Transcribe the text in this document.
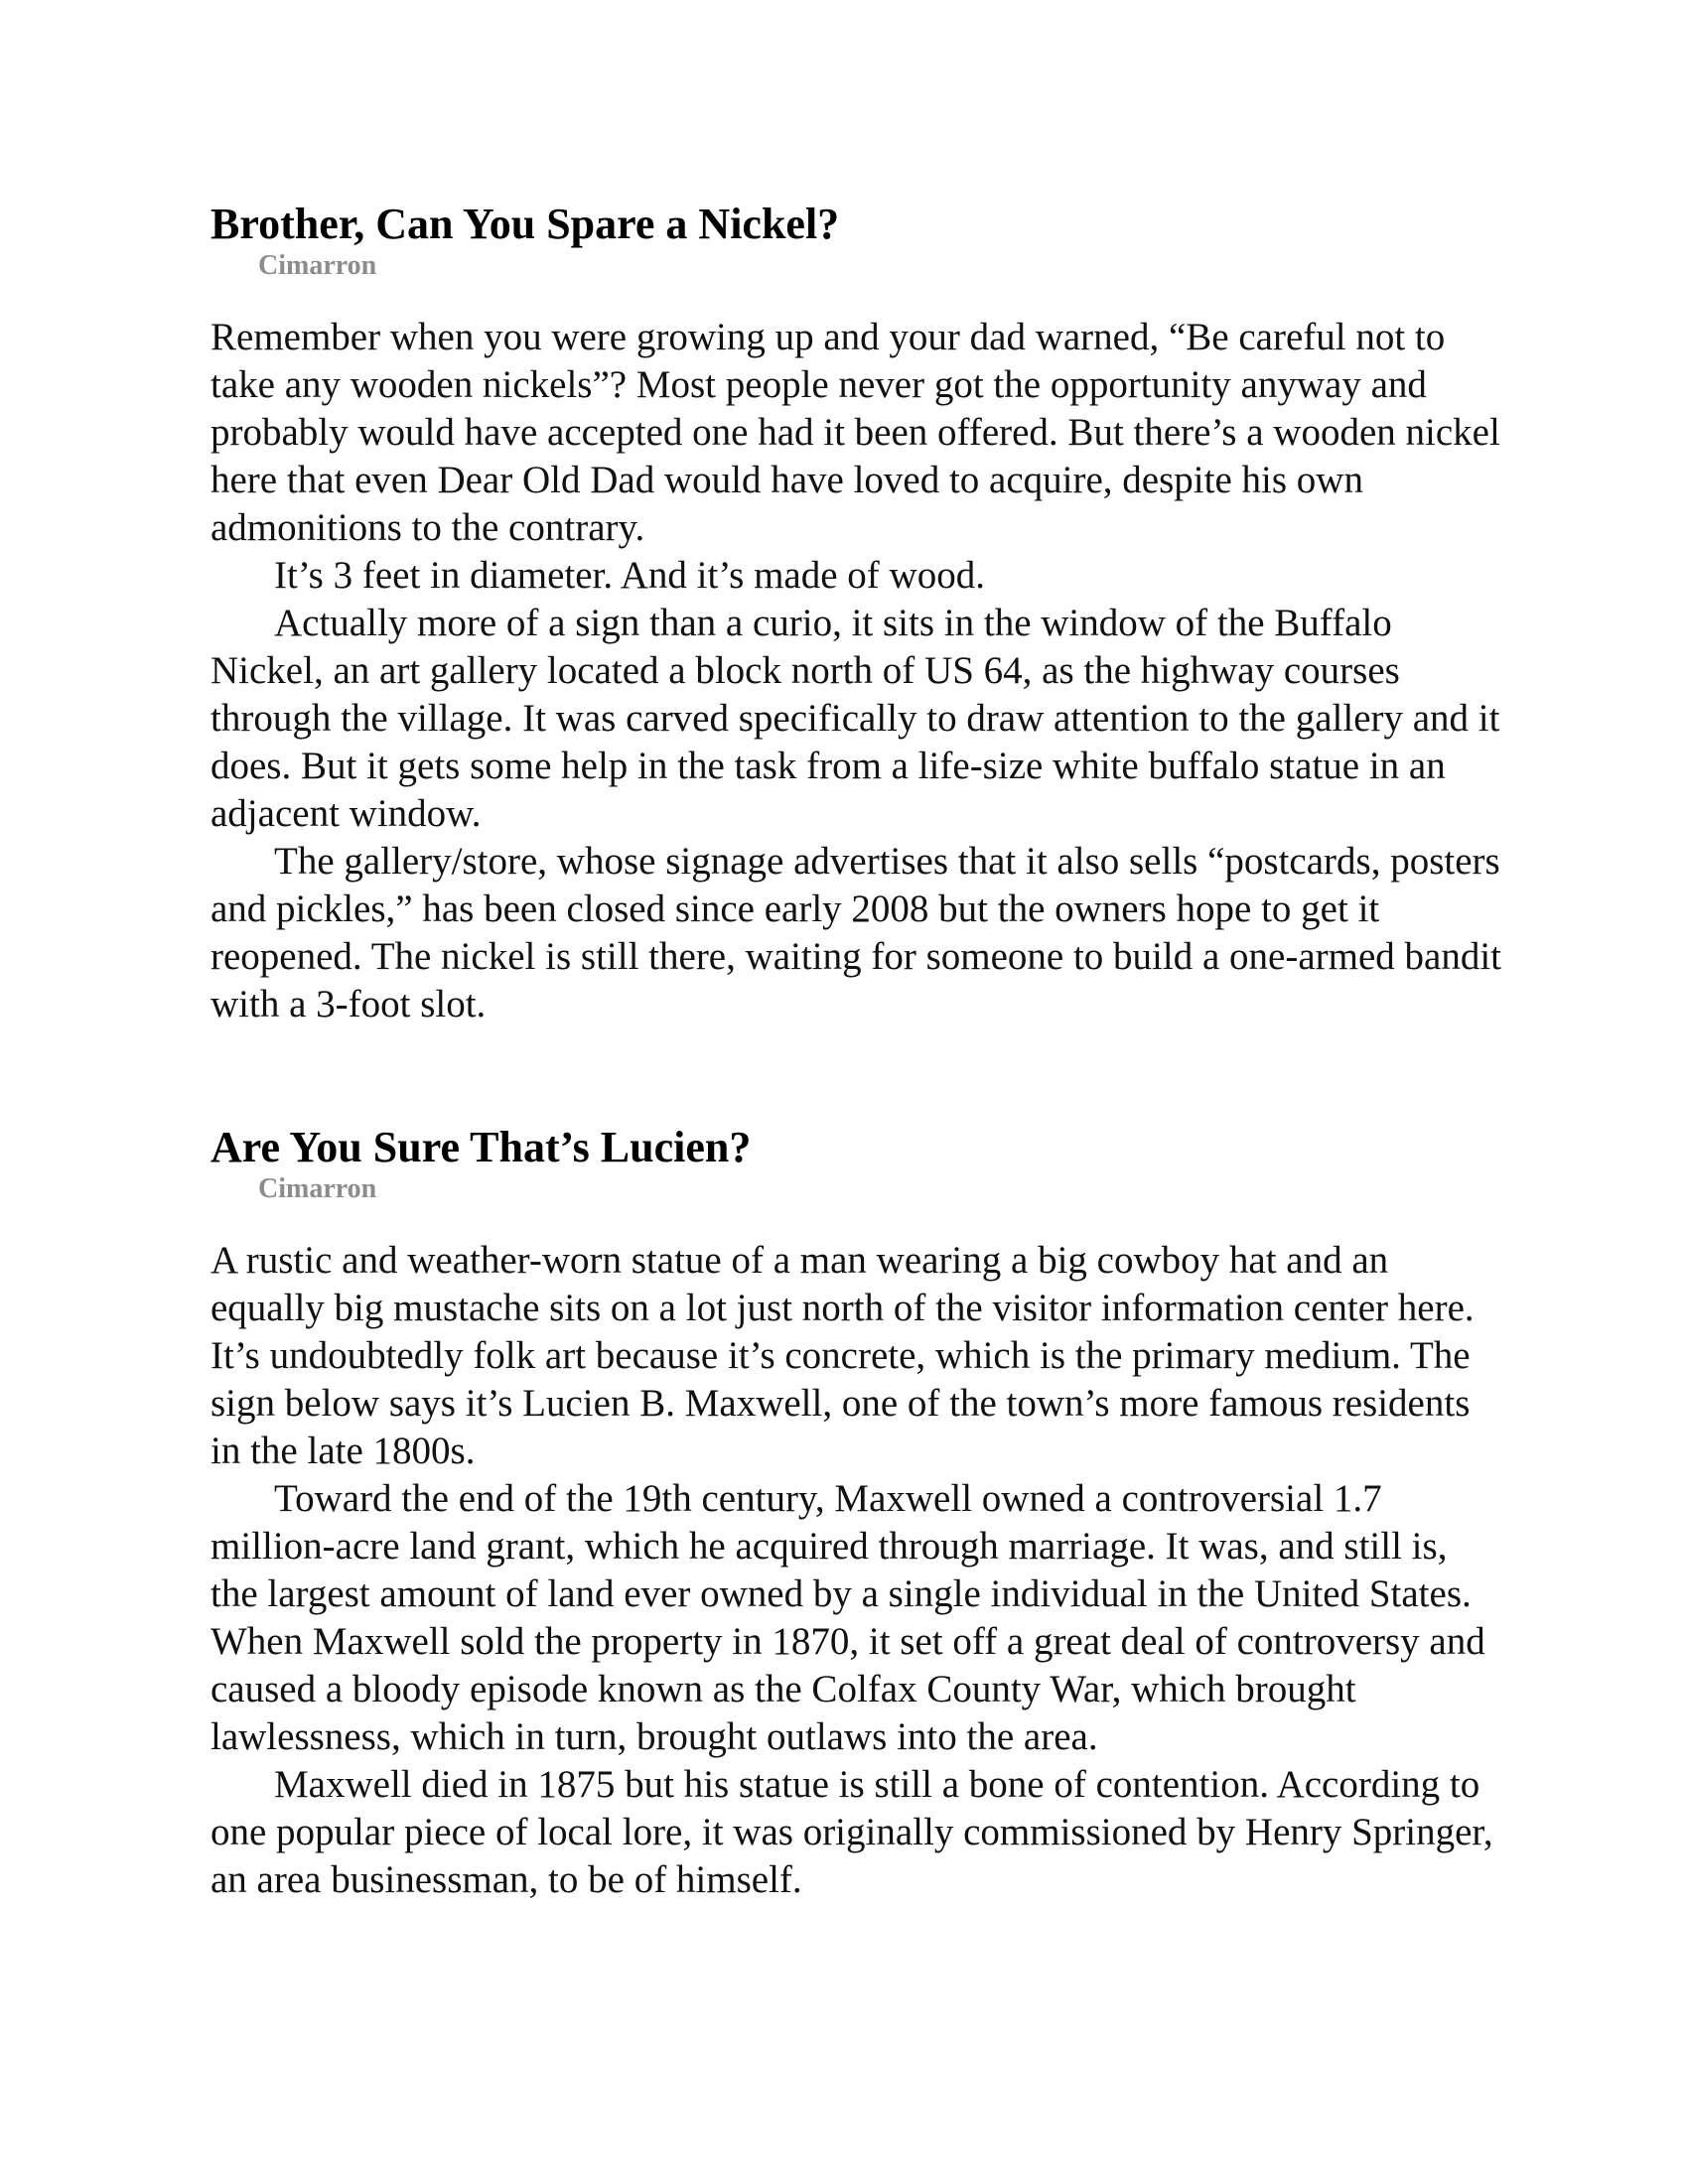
Brother, Can You Spare a Nickel?
Cimarron

Remember when you were growing up and your dad warned, “Be careful not to take any wooden nickels”? Most people never got the opportunity anyway and probably would have accepted one had it been offered. But there’s a wooden nickel here that even Dear Old Dad would have loved to acquire, despite his own admonitions to the contrary.

It’s 3 feet in diameter. And it’s made of wood.

Actually more of a sign than a curio, it sits in the window of the Buffalo Nickel, an art gallery located a block north of US 64, as the highway courses through the village. It was carved specifically to draw attention to the gallery and it does. But it gets some help in the task from a life-size white buffalo statue in an adjacent window.

The gallery/store, whose signage advertises that it also sells “postcards, posters and pickles,” has been closed since early 2008 but the owners hope to get it reopened. The nickel is still there, waiting for someone to build a one-armed bandit with a 3-foot slot.

Are You Sure That’s Lucien?
Cimarron

A rustic and weather-worn statue of a man wearing a big cowboy hat and an equally big mustache sits on a lot just north of the visitor information center here. It’s undoubtedly folk art because it’s concrete, which is the primary medium. The sign below says it’s Lucien B. Maxwell, one of the town’s more famous residents in the late 1800s.

Toward the end of the 19th century, Maxwell owned a controversial 1.7 million-acre land grant, which he acquired through marriage. It was, and still is, the largest amount of land ever owned by a single individual in the United States. When Maxwell sold the property in 1870, it set off a great deal of controversy and caused a bloody episode known as the Colfax County War, which brought lawlessness, which in turn, brought outlaws into the area.

Maxwell died in 1875 but his statue is still a bone of contention. According to one popular piece of local lore, it was originally commissioned by Henry Springer, an area businessman, to be of himself.
